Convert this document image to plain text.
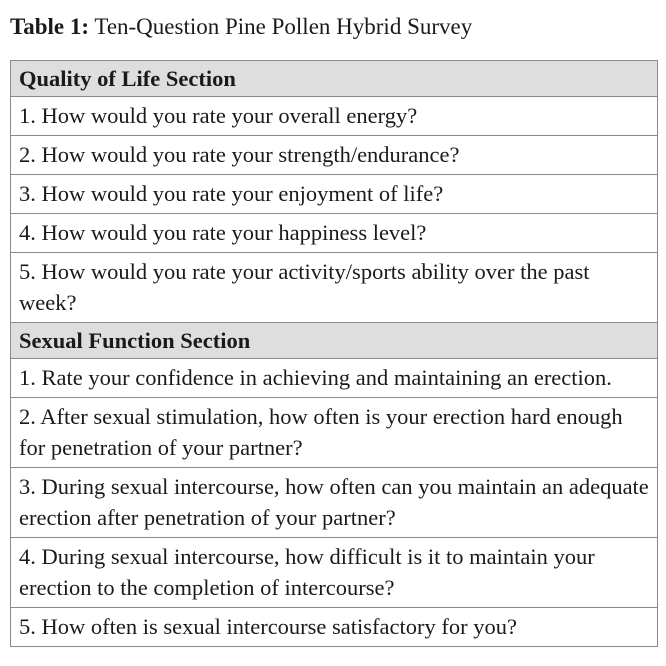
Table 1: Ten-Question Pine Pollen Hybrid Survey
Quality of Life Section
1. How would you rate your overall energy?
2. How would you rate your strength/endurance?
3. How would you rate your enjoyment of life?
4. How would you rate your happiness level?
5. How would you rate your activity/sports ability over the past week?
Sexual Function Section
1. Rate your confidence in achieving and maintaining an erection.
2. After sexual stimulation, how often is your erection hard enough for penetration of your partner?
3. During sexual intercourse, how often can you maintain an adequate erection after penetration of your partner?
4. During sexual intercourse, how difficult is it to maintain your erection to the completion of intercourse?
5. How often is sexual intercourse satisfactory for you?
